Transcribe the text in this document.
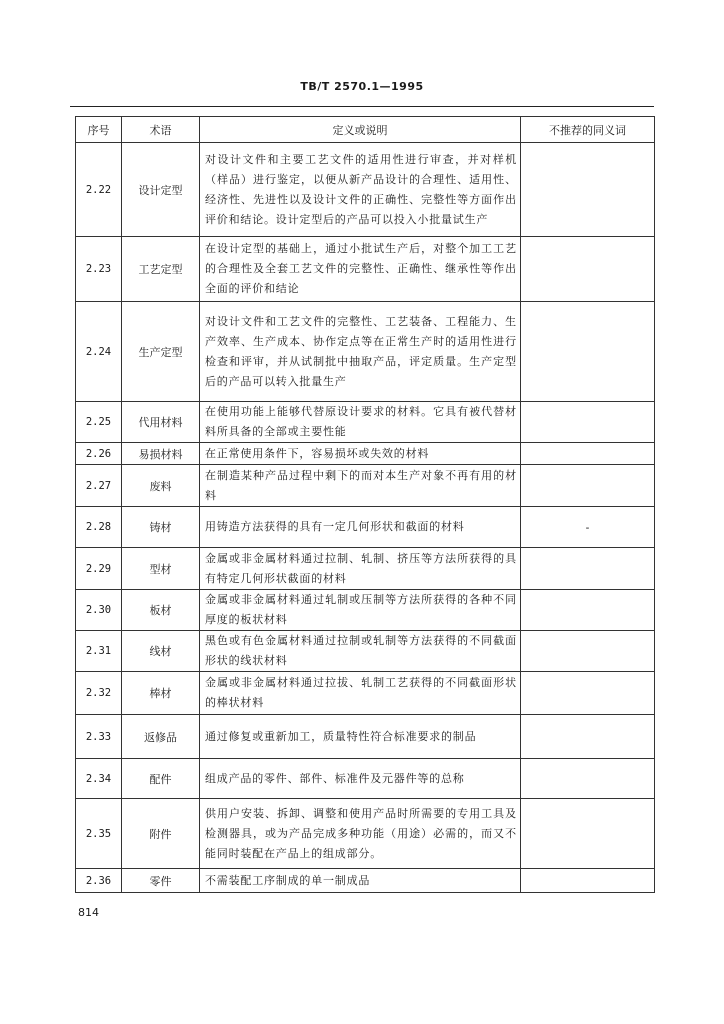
TB/T 2570.1—1995
序号	术语	定义或说明	不推荐的同义词
2.22	设计定型	对设计文件和主要工艺文件的适用性进行审查，并对样机（样品）进行鉴定，以便从新产品设计的合理性、适用性、经济性、先进性以及设计文件的正确性、完整性等方面作出评价和结论。设计定型后的产品可以投入小批量试生产	
2.23	工艺定型	在设计定型的基础上，通过小批试生产后，对整个加工工艺的合理性及全套工艺文件的完整性、正确性、继承性等作出全面的评价和结论	
2.24	生产定型	对设计文件和工艺文件的完整性、工艺装备、工程能力、生产效率、生产成本、协作定点等在正常生产时的适用性进行检查和评审，并从试制批中抽取产品，评定质量。生产定型后的产品可以转入批量生产	
2.25	代用材料	在使用功能上能够代替原设计要求的材料。它具有被代替材料所具备的全部或主要性能	
2.26	易损材料	在正常使用条件下，容易损坏或失效的材料	
2.27	废料	在制造某种产品过程中剩下的而对本生产对象不再有用的材料	
2.28	铸材	用铸造方法获得的具有一定几何形状和截面的材料	-
2.29	型材	金属或非金属材料通过拉制、轧制、挤压等方法所获得的具有特定几何形状截面的材料	
2.30	板材	金属或非金属材料通过轧制或压制等方法所获得的各种不同厚度的板状材料	
2.31	线材	黑色或有色金属材料通过拉制或轧制等方法获得的不同截面形状的线状材料	
2.32	棒材	金属或非金属材料通过拉拔、轧制工艺获得的不同截面形状的棒状材料	
2.33	返修品	通过修复或重新加工，质量特性符合标准要求的制品	
2.34	配件	组成产品的零件、部件、标准件及元器件等的总称	
2.35	附件	供用户安装、拆卸、调整和使用产品时所需要的专用工具及检测器具，或为产品完成多种功能（用途）必需的，而又不能同时装配在产品上的组成部分。	
2.36	零件	不需装配工序制成的单一制成品	
814
